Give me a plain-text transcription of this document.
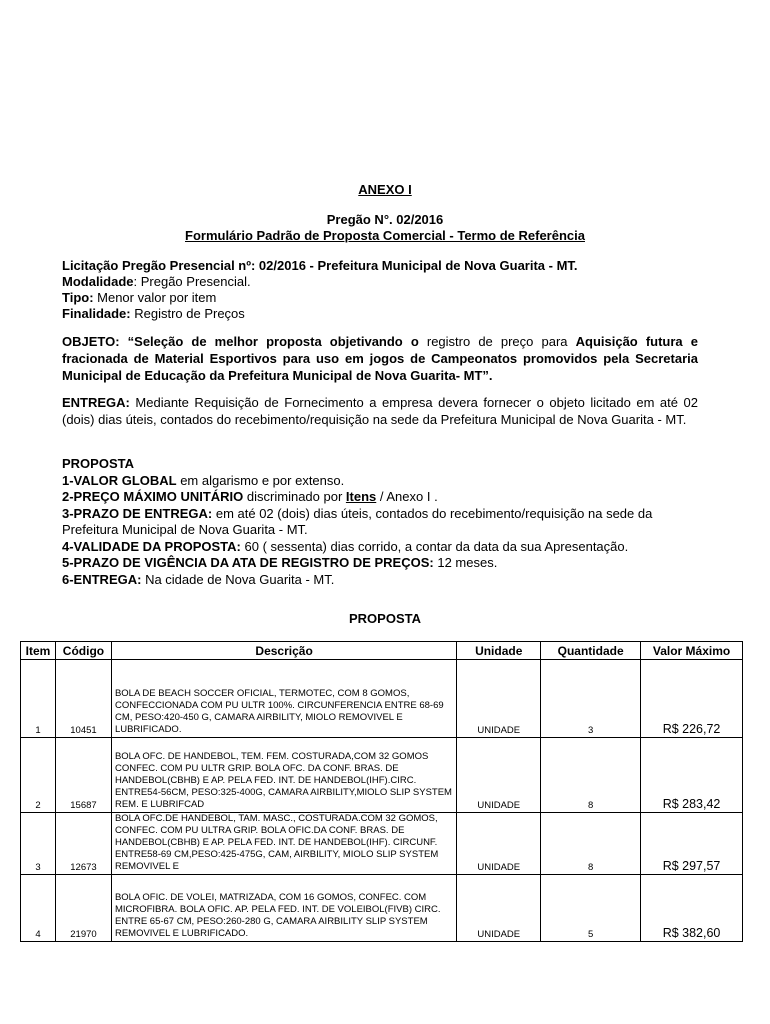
ANEXO I
Pregão N°. 02/2016
Formulário Padrão de Proposta Comercial - Termo de Referência
Licitação Pregão Presencial nº: 02/2016 - Prefeitura Municipal de Nova Guarita - MT.
Modalidade: Pregão Presencial.
Tipo: Menor valor por item
Finalidade: Registro de Preços
OBJETO: “Seleção de melhor proposta objetivando o registro de preço para Aquisição futura e fracionada de Material Esportivos para uso em jogos de Campeonatos promovidos pela Secretaria Municipal de Educação da Prefeitura Municipal de Nova Guarita- MT”.
ENTREGA: Mediante Requisição de Fornecimento a empresa devera fornecer o objeto licitado em até 02 (dois) dias úteis, contados do recebimento/requisição na sede da Prefeitura Municipal de Nova Guarita - MT.
PROPOSTA
1-VALOR GLOBAL em algarismo e por extenso.
2-PREÇO MÁXIMO UNITÁRIO discriminado por Itens / Anexo I .
3-PRAZO DE ENTREGA: em até 02 (dois) dias úteis, contados do recebimento/requisição na sede da Prefeitura Municipal de Nova Guarita - MT.
4-VALIDADE DA PROPOSTA: 60 ( sessenta) dias corrido, a contar da data da sua Apresentação.
5-PRAZO DE VIGÊNCIA DA ATA DE REGISTRO DE PREÇOS: 12 meses.
6-ENTREGA: Na cidade de Nova Guarita - MT.
PROPOSTA
Item	Código	Descrição	Unidade	Quantidade	Valor Máximo
1	10451	BOLA DE BEACH SOCCER OFICIAL, TERMOTEC, COM 8 GOMOS, CONFECCIONADA COM PU ULTR 100%. CIRCUNFERENCIA ENTRE 68-69 CM, PESO:420-450 G, CAMARA AIRBILITY, MIOLO REMOVIVEL E LUBRIFICADO.	UNIDADE	3	R$ 226,72
2	15687	BOLA OFC. DE HANDEBOL, TEM. FEM. COSTURADA,COM 32 GOMOS CONFEC. COM PU ULTR GRIP. BOLA OFC. DA CONF. BRAS. DE HANDEBOL(CBHB) E AP. PELA FED. INT. DE HANDEBOL(IHF).CIRC. ENTRE54-56CM, PESO:325-400G, CAMARA AIRBILITY,MIOLO SLIP SYSTEM REM. E LUBRIFCAD	UNIDADE	8	R$ 283,42
3	12673	BOLA OFC.DE HANDEBOL, TAM. MASC., COSTURADA.COM 32 GOMOS, CONFEC. COM PU ULTRA GRIP. BOLA OFIC.DA CONF. BRAS. DE HANDEBOL(CBHB) E AP. PELA FED. INT. DE HANDEBOL(IHF). CIRCUNF. ENTRE58-69 CM,PESO:425-475G, CAM, AIRBILITY, MIOLO SLIP SYSTEM REMOVIVEL E	UNIDADE	8	R$ 297,57
4	21970	BOLA OFIC. DE VOLEI, MATRIZADA, COM 16 GOMOS, CONFEC. COM MICROFIBRA. BOLA OFIC. AP. PELA FED. INT. DE VOLEIBOL(FIVB) CIRC. ENTRE 65-67 CM, PESO:260-280 G, CAMARA AIRBILITY SLIP SYSTEM REMOVIVEL E LUBRIFICADO.	UNIDADE	5	R$ 382,60
